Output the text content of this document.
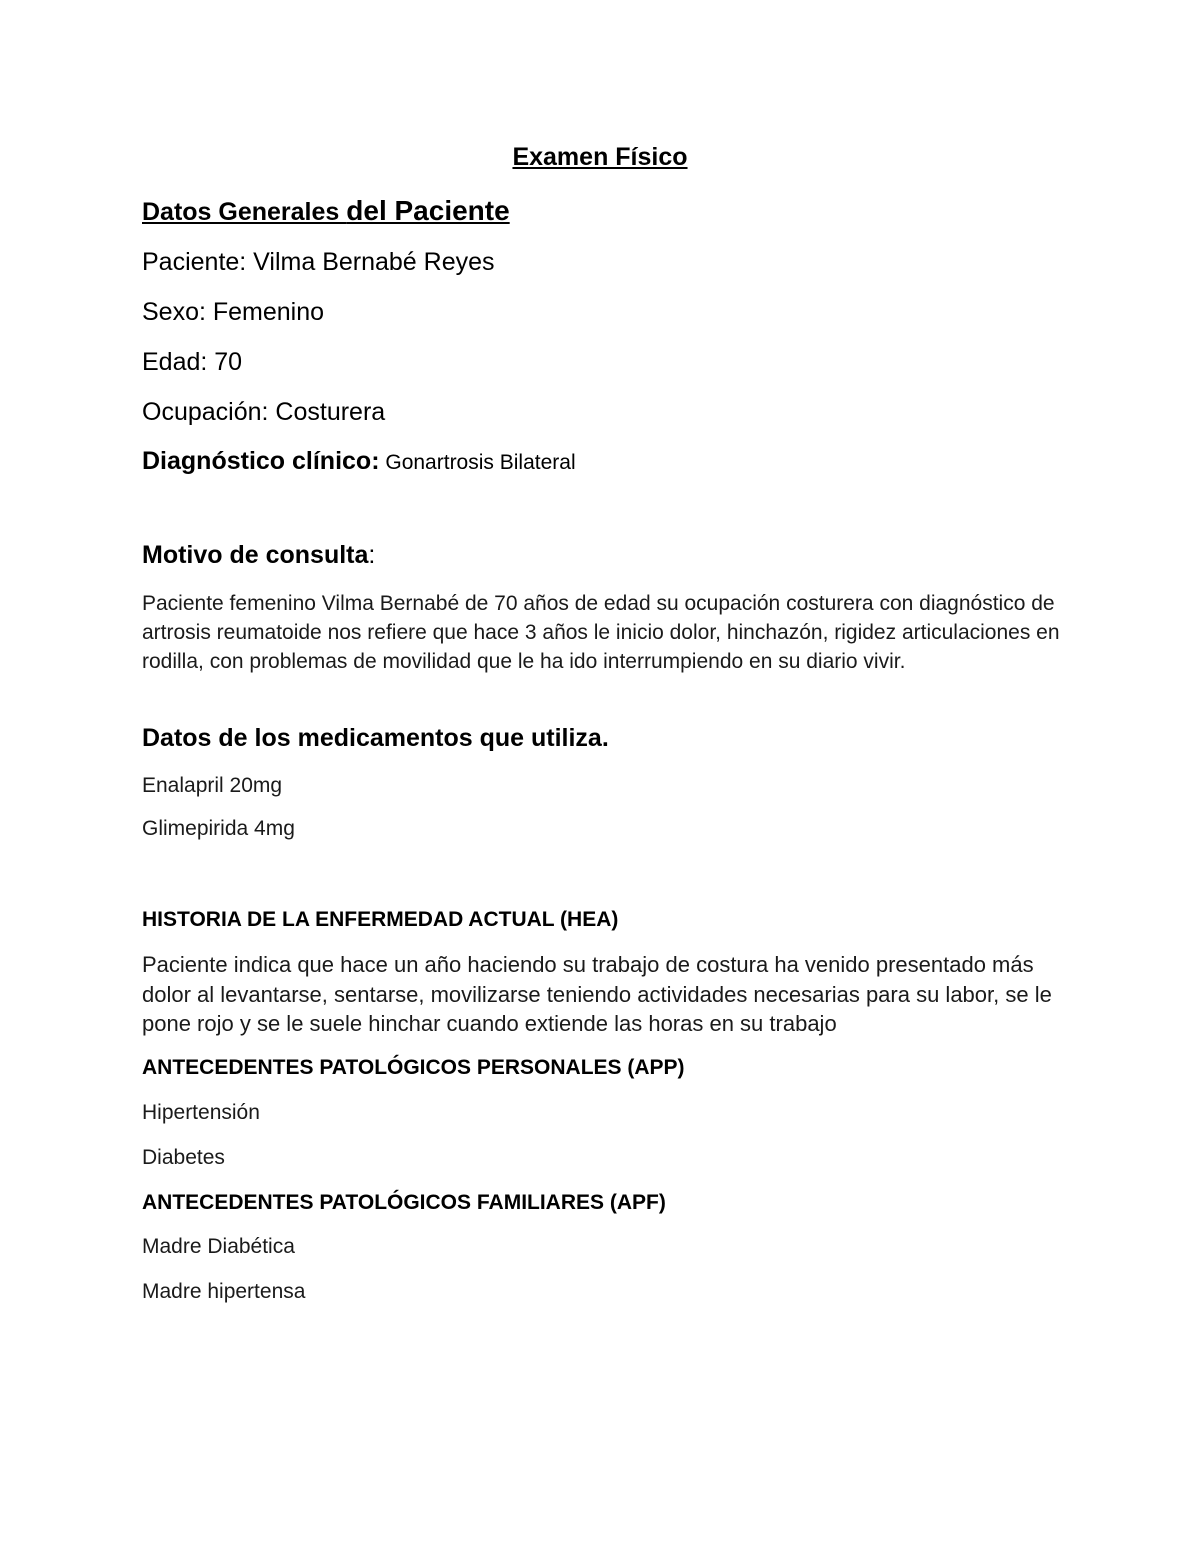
Examen Físico
Datos Generales del Paciente
Paciente: Vilma Bernabé Reyes
Sexo: Femenino
Edad: 70
Ocupación: Costurera
Diagnóstico clínico: Gonartrosis Bilateral
Motivo de consulta:
Paciente femenino Vilma Bernabé de 70 años de edad su ocupación costurera con diagnóstico de artrosis reumatoide nos refiere que hace 3 años le inicio dolor, hinchazón, rigidez articulaciones en rodilla, con problemas de movilidad que le ha ido interrumpiendo en su diario vivir.
Datos de los medicamentos que utiliza.
Enalapril 20mg
Glimepirida 4mg
HISTORIA DE LA ENFERMEDAD ACTUAL (HEA)
Paciente indica que hace un año haciendo su trabajo de costura ha venido presentado más dolor al levantarse, sentarse, movilizarse teniendo actividades necesarias para su labor, se le pone rojo y se le suele hinchar cuando extiende las horas en su trabajo
ANTECEDENTES PATOLÓGICOS PERSONALES (APP)
Hipertensión
Diabetes
ANTECEDENTES PATOLÓGICOS FAMILIARES (APF)
Madre Diabética
Madre hipertensa
